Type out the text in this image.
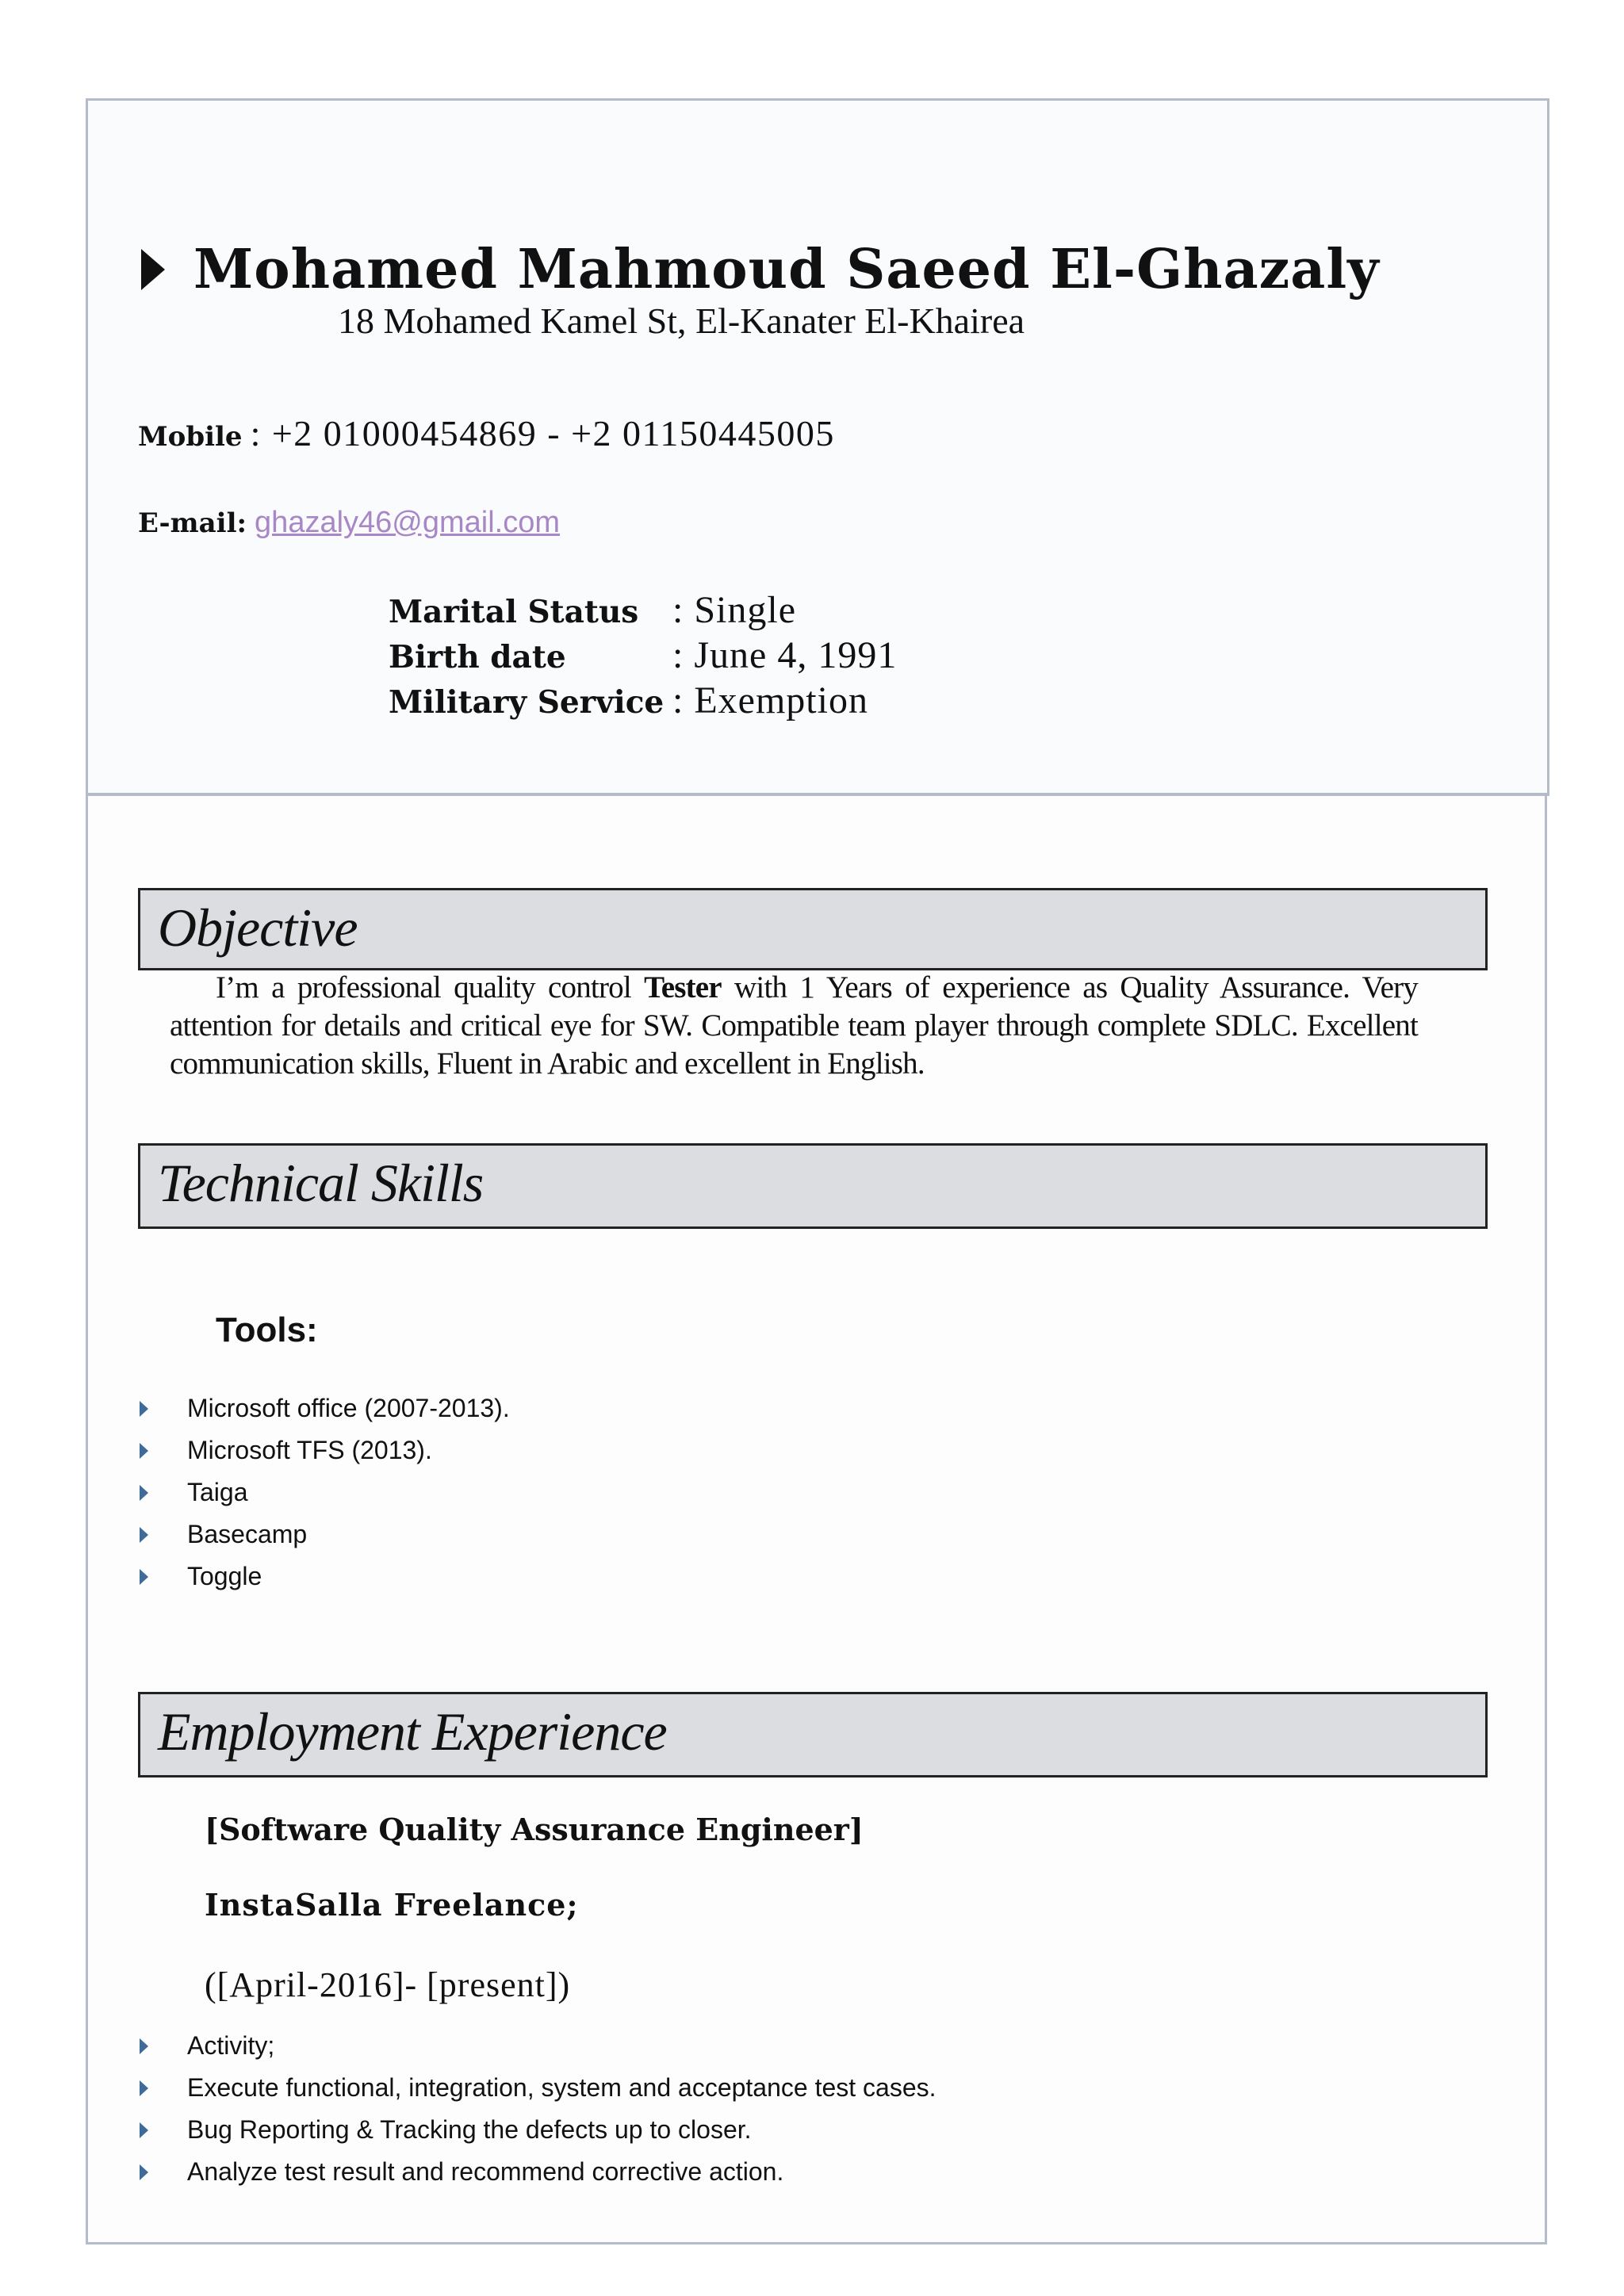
Mohamed Mahmoud Saeed El-Ghazaly
18 Mohamed Kamel St, El-Kanater El-Khairea
Mobile : +2 01000454869 - +2 01150445005
E-mail: ghazaly46@gmail.com
Marital Status : Single
Birth date	: June 4, 1991
Military Service : Exemption
Objective
I’m a professional quality control Tester with 1 Years of experience as Quality Assurance. Very attention for details and critical eye for SW. Compatible team player through complete SDLC. Excellent communication skills, Fluent in Arabic and excellent in English.
Technical Skills
Tools:
Microsoft office (2007-2013).
Microsoft TFS (2013).
Taiga
Basecamp
Toggle
Employment Experience
[Software Quality Assurance Engineer]
InstaSalla Freelance;
([April-2016]- [present])
Activity;
Execute functional, integration, system and acceptance test cases.
Bug Reporting & Tracking the defects up to closer.
Analyze test result and recommend corrective action.
